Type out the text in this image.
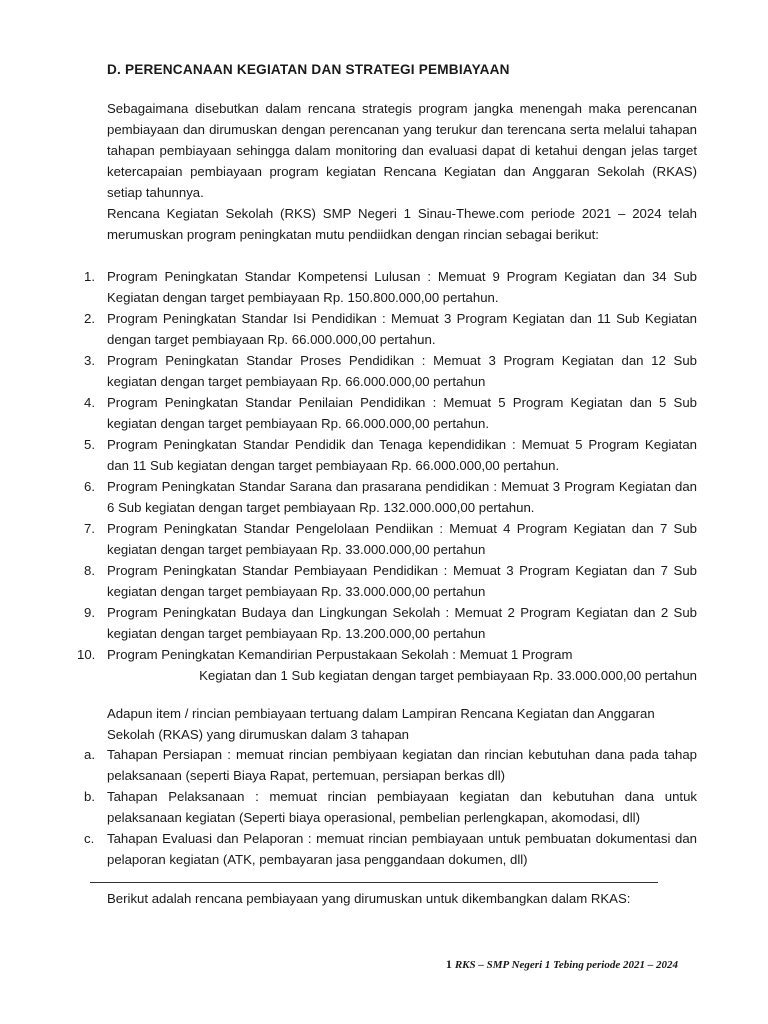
D. PERENCANAAN KEGIATAN DAN STRATEGI PEMBIAYAAN
Sebagaimana disebutkan dalam rencana strategis program jangka menengah maka perencanan pembiayaan dan dirumuskan dengan perencanan yang terukur dan terencana serta melalui tahapan tahapan pembiayaan sehingga dalam monitoring dan evaluasi dapat di ketahui dengan jelas target ketercapaian pembiayaan program kegiatan Rencana Kegiatan dan Anggaran Sekolah (RKAS) setiap tahunnya.
Rencana Kegiatan Sekolah (RKS) SMP Negeri 1 Sinau-Thewe.com periode 2021 – 2024 telah merumuskan program peningkatan mutu pendiidkan dengan rincian sebagai berikut:
1. Program Peningkatan Standar Kompetensi Lulusan : Memuat 9 Program Kegiatan dan 34 Sub Kegiatan dengan target pembiayaan Rp. 150.800.000,00 pertahun.
2. Program Peningkatan Standar Isi Pendidikan : Memuat 3 Program Kegiatan dan 11 Sub Kegiatan dengan target pembiayaan Rp. 66.000.000,00 pertahun.
3. Program Peningkatan Standar Proses Pendidikan : Memuat 3 Program Kegiatan dan 12 Sub kegiatan dengan target pembiayaan Rp. 66.000.000,00 pertahun
4. Program Peningkatan Standar Penilaian Pendidikan : Memuat 5 Program Kegiatan dan 5 Sub kegiatan dengan target pembiayaan Rp. 66.000.000,00 pertahun.
5. Program Peningkatan Standar Pendidik dan Tenaga kependidikan : Memuat 5 Program Kegiatan dan 11 Sub kegiatan dengan target pembiayaan Rp. 66.000.000,00 pertahun.
6. Program Peningkatan Standar Sarana dan prasarana pendidikan : Memuat 3 Program Kegiatan dan 6 Sub kegiatan dengan target pembiayaan Rp. 132.000.000,00 pertahun.
7. Program Peningkatan Standar Pengelolaan Pendiikan : Memuat 4 Program Kegiatan dan 7 Sub kegiatan dengan target pembiayaan Rp. 33.000.000,00 pertahun
8. Program Peningkatan Standar Pembiayaan Pendidikan : Memuat 3 Program Kegiatan dan 7 Sub kegiatan dengan target pembiayaan Rp. 33.000.000,00 pertahun
9. Program Peningkatan Budaya dan Lingkungan Sekolah : Memuat 2 Program Kegiatan dan 2 Sub kegiatan dengan target pembiayaan Rp. 13.200.000,00 pertahun
10. Program Peningkatan Kemandirian Perpustakaan Sekolah : Memuat 1 Program
Kegiatan dan 1 Sub kegiatan dengan target pembiayaan Rp. 33.000.000,00 pertahun
Adapun item / rincian pembiayaan tertuang dalam Lampiran Rencana Kegiatan dan Anggaran Sekolah (RKAS) yang dirumuskan dalam 3 tahapan
a. Tahapan Persiapan : memuat rincian pembiyaan kegiatan dan rincian kebutuhan dana pada tahap pelaksanaan (seperti Biaya Rapat, pertemuan, persiapan berkas dll)
b. Tahapan Pelaksanaan : memuat rincian pembiayaan kegiatan dan kebutuhan dana untuk pelaksanaan kegiatan (Seperti biaya operasional, pembelian perlengkapan, akomodasi, dll)
c. Tahapan Evaluasi dan Pelaporan : memuat rincian pembiayaan untuk pembuatan dokumentasi dan pelaporan kegiatan (ATK, pembayaran jasa penggandaan dokumen, dll)
Berikut adalah rencana pembiayaan yang dirumuskan untuk dikembangkan dalam RKAS:
1 RKS – SMP Negeri 1 Tebing periode 2021 – 2024
